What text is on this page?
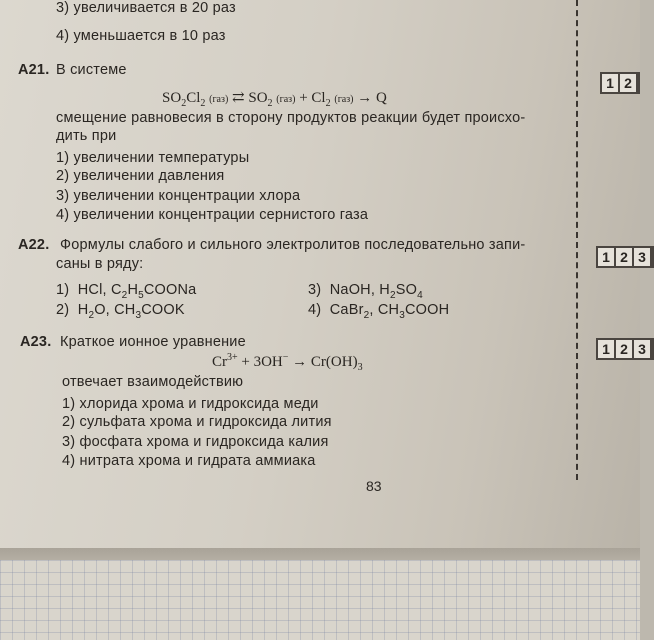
3) увеличивается в 20 раз
4) уменьшается в 10 раз
A21. В системе
$SO_2Cl_2$ (газ) ⇄ $SO_2$ $(газ) + Cl_2$ (газ) → Q
смещение равновесия в сторону продуктов реакции будет происхо-
дить при
1) увеличении температуры
2) увеличении давления
3) увеличении концентрации хлора
4) увеличении концентрации сернистого газа
A22. Формулы слабого и сильного электролитов последовательно запи-
саны в ряду:
1) HCl, $C_2H_5COONa$
2) $H_2O$, $CH_3COOK$
3) NaOH, $H_2SO_4$
4) CaBr$_2$, $CH_3COOH$
A23. Краткое ионное уравнение
$Cr^{3+} + 3OH^- \to Cr(OH)_3$
отвечает взаимодействию
1) хлорида хрома и гидроксида меди
2) сульфата хрома и гидроксида лития
3) фосфата хрома и гидроксида калия
4) нитрата хрома и гидрата аммиака
83
1 2
1 2 3
1 2 3
